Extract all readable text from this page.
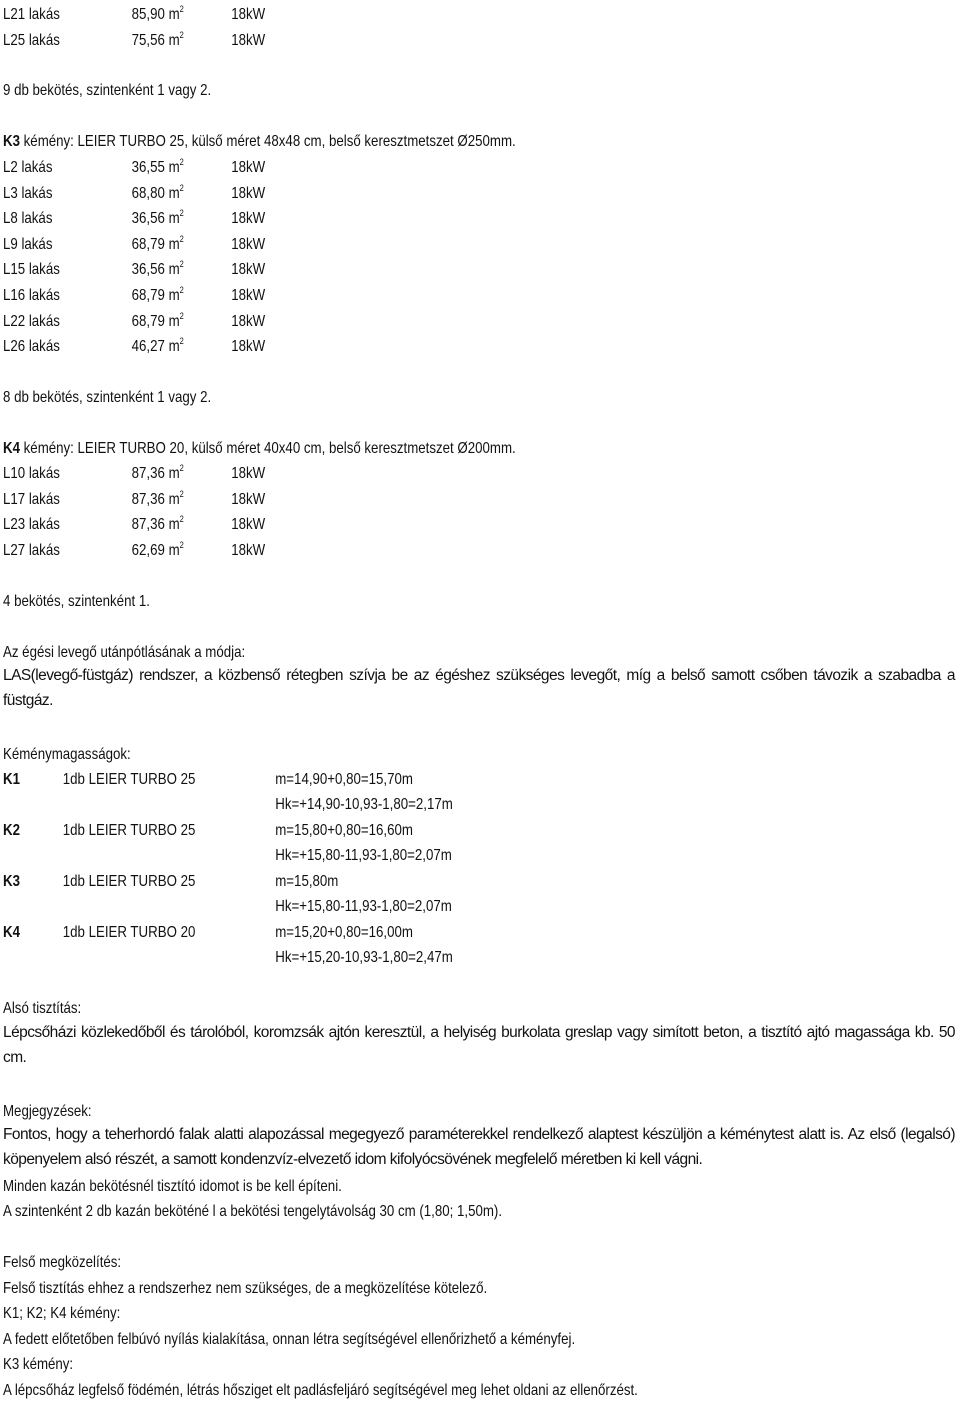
L21 lakás	85,90 $m^2$	18kW
L25 lakás	75,56 $m^2$	18kW
9 db bekötés, szintenként 1 vagy 2.
K3 kémény: LEIER TURBO 25, külső méret 48x48 cm, belső keresztmetszet Ø250mm.
L2 lakás	36,55 $m^2$	18kW
L3 lakás	68,80 $m^2$	18kW
L8 lakás	36,56 $m^2$	18kW
L9 lakás	68,79 $m^2$	18kW
L15 lakás	36,56 $m^2$	18kW
L16 lakás	68,79 $m^2$	18kW
L22 lakás	68,79 $m^2$	18kW
L26 lakás	46,27 $m^2$	18kW
8 db bekötés, szintenként 1 vagy 2.
K4 kémény: LEIER TURBO 20, külső méret 40x40 cm, belső keresztmetszet Ø200mm.
L10 lakás	87,36 $m^2$	18kW
L17 lakás	87,36 $m^2$	18kW
L23 lakás	87,36 $m^2$	18kW
L27 lakás	62,69 $m^2$	18kW
4 bekötés, szintenként 1.
Az égési levegő utánpótlásának a módja:
LAS(levegő-füstgáz) rendszer, a közbenső rétegben szívja be az égéshez szükséges levegőt, míg a belső samott csőben távozik a szabadba a füstgáz.
Kéménymagasságok:
K1	1db LEIER TURBO 25	m=14,90+0,80=15,70m
Hk=+14,90-10,93-1,80=2,17m
K2	1db LEIER TURBO 25	m=15,80+0,80=16,60m
Hk=+15,80-11,93-1,80=2,07m
K3	1db LEIER TURBO 25	m=15,80m
Hk=+15,80-11,93-1,80=2,07m
K4	1db LEIER TURBO 20	m=15,20+0,80=16,00m
Hk=+15,20-10,93-1,80=2,47m
Alsó tisztítás:
Lépcsőházi közlekedőből és tárolóból, koromzsák ajtón keresztül, a helyiség burkolata greslap vagy simított beton, a tisztító ajtó magassága kb. 50 cm.
Megjegyzések:
Fontos, hogy a teherhordó falak alatti alapozással megegyező paraméterekkel rendelkező alaptest készüljön a kéménytest alatt is. Az első (legalsó) köpenyelem alsó részét, a samott kondenzvíz-elvezető idom kifolyócsövének megfelelő méretben ki kell vágni.
Minden kazán bekötésnél tisztító idomot is be kell építeni.
A szintenként 2 db kazán beköténé l a bekötési tengelytávolság 30 cm (1,80; 1,50m).
Felső megközelítés:
Felső tisztítás ehhez a rendszerhez nem szükséges, de a megközelítése kötelező.
K1; K2; K4 kémény:
A fedett előtetőben felbúvó nyílás kialakítása, onnan létra segítségével ellenőrizhető a kéményfej.
K3 kémény:
A lépcsőház legfelső födémén, létrás hősziget elt padlásfeljáró segítségével meg lehet oldani az ellenőrzést.
